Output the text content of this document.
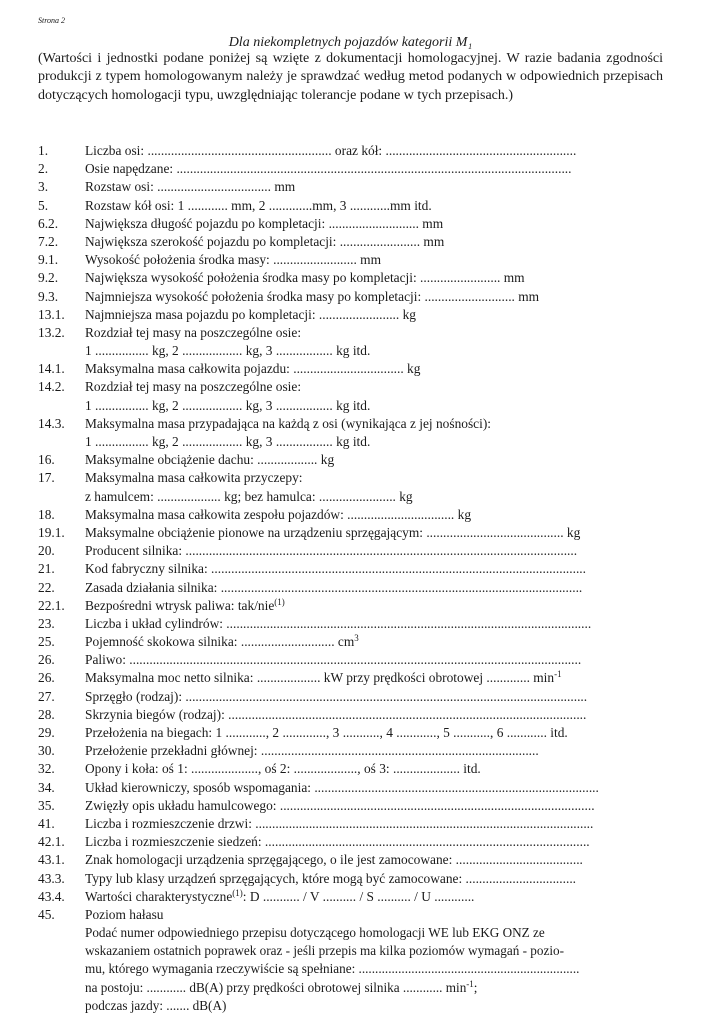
Strona 2
Dla niekompletnych pojazdów kategorii M₁
(Wartości i jednostki podane poniżej są wzięte z dokumentacji homologacyjnej. W razie badania zgodności produkcji z typem homologowanym należy je sprawdzać według metod podanych w odpowiednich przepisach dotyczących homologacji typu, uwzględniając tolerancje podane w tych przepisach.)
1.	Liczba osi: ....................................................... oraz kół: .........................................................
2.	Osie napędzane: ......................................................................................................................
3.	Rozstaw osi: .................................. mm
5.	Rozstaw kół osi: 1 ............ mm, 2 .............mm, 3 ............mm itd.
6.2.	Największa długość pojazdu po kompletacji: ........................... mm
7.2.	Największa szerokość pojazdu po kompletacji: ........................ mm
9.1.	Wysokość położenia środka masy: ......................... mm
9.2.	Największa wysokość położenia środka masy po kompletacji: ........................ mm
9.3.	Najmniejsza wysokość położenia środka masy po kompletacji: ........................... mm
13.1.	Najmniejsza masa pojazdu po kompletacji: ........................ kg
13.2.	Rozdział tej masy na poszczególne osie:
1 ................ kg, 2 .................. kg, 3 ................. kg itd.
14.1.	Maksymalna masa całkowita pojazdu: ................................. kg
14.2.	Rozdział tej masy na poszczególne osie:
1 ................ kg, 2 .................. kg, 3 ................. kg itd.
14.3.	Maksymalna masa przypadająca na każdą z osi (wynikająca z jej nośności):
1 ................ kg, 2 .................. kg, 3 ................. kg itd.
16.	Maksymalne obciążenie dachu: .................. kg
17.	Maksymalna masa całkowita przyczepy:
z hamulcem: ................... kg; bez hamulca: ....................... kg
18.	Maksymalna masa całkowita zespołu pojazdów: ................................ kg
19.1.	Maksymalne obciążenie pionowe na urządzeniu sprzęgającym: ......................................... kg
20.	Producent silnika: .....................................................................................................................
21.	Kod fabryczny silnika: ................................................................................................................
22.	Zasada działania silnika: ............................................................................................................
22.1.	Bezpośredni wtrysk paliwa: tak/nie$^{(1)}$
23.	Liczba i układ cylindrów: .............................................................................................................
25.	Pojemność skokowa silnika: ............................ $cm^3$
26.	Paliwo: .......................................................................................................................................
26.	Maksymalna moc netto silnika: ................... kW przy prędkości obrotowej ............. $\min^{-1}$
27.	Sprzęgło (rodzaj): ........................................................................................................................
28.	Skrzynia biegów (rodzaj): ...........................................................................................................
29.	Przełożenia na biegach: 1 ............, 2 ............., 3 ..........., 4 ............, 5 ..........., 6 ............ itd.
30.	Przełożenie przekładni głównej: ...................................................................................
32.	Opony i koła: oś 1: ...................., oś 2: ..................., oś 3: .................... itd.
34.	Układ kierowniczy, sposób wspomagania: .....................................................................................
35.	Zwięzły opis układu hamulcowego: ..............................................................................................
41.	Liczba i rozmieszczenie drzwi: .....................................................................................................
42.1.	Liczba i rozmieszczenie siedzeń: .................................................................................................
43.1.	Znak homologacji urządzenia sprzęgającego, o ile jest zamocowane: ......................................
43.3.	Typy lub klasy urządzeń sprzęgających, które mogą być zamocowane: .................................
43.4.	Wartości charakterystyczne$^{(1)}$: D ........... / V .......... / S .......... / U ............
45.	Poziom hałasu
Podać numer odpowiedniego przepisu dotyczącego homologacji WE lub EKG ONZ ze
wskazaniem ostatnich poprawek oraz - jeśli przepis ma kilka poziomów wymagań - pozio-
mu, którego wymagania rzeczywiście są spełniane: ...................................................................
na postoju: ............ dB(A) przy prędkości obrotowej silnika ............ $\min^{-1}$;
podczas jazdy: ....... dB(A)
